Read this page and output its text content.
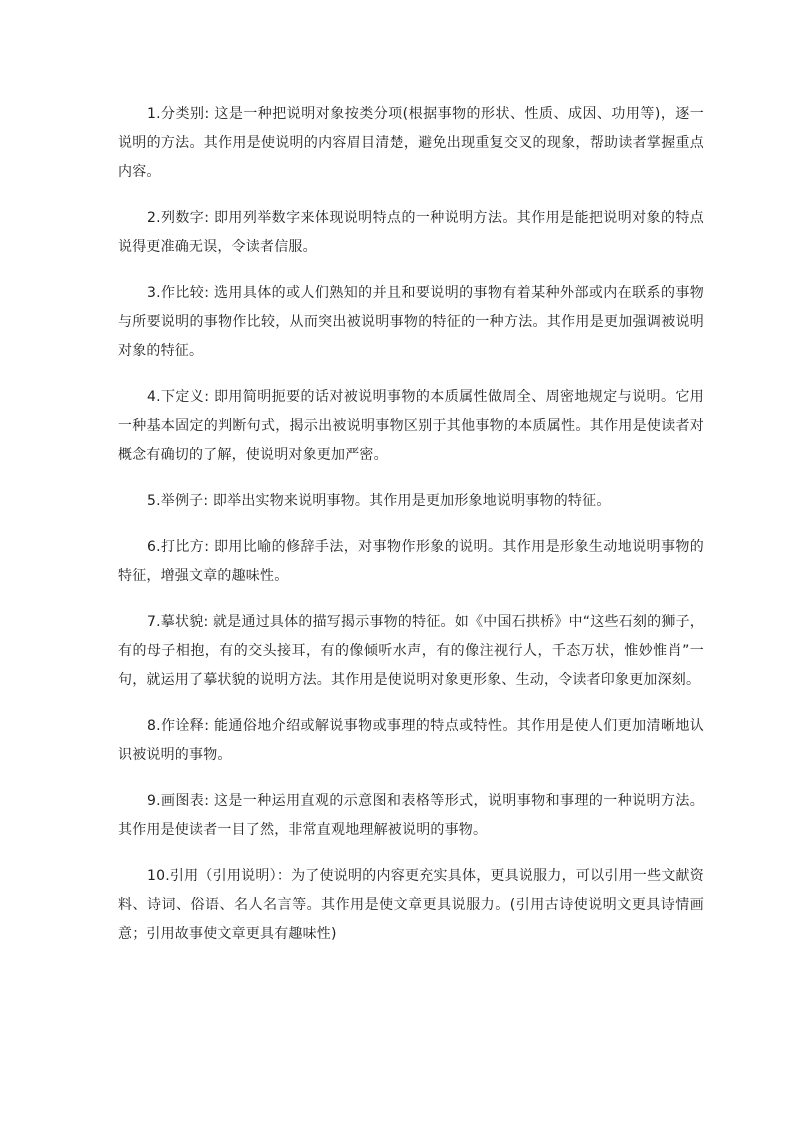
1.分类别: 这是一种把说明对象按类分项(根据事物的形状、性质、成因、功用等)，逐一说明的方法。其作用是使说明的内容眉目清楚，避免出现重复交叉的现象，帮助读者掌握重点内容。

2.列数字: 即用列举数字来体现说明特点的一种说明方法。其作用是能把说明对象的特点说得更准确无误，令读者信服。

3.作比较: 选用具体的或人们熟知的并且和要说明的事物有着某种外部或内在联系的事物与所要说明的事物作比较，从而突出被说明事物的特征的一种方法。其作用是更加强调被说明对象的特征。

4.下定义: 即用简明扼要的话对被说明事物的本质属性做周全、周密地规定与说明。它用一种基本固定的判断句式，揭示出被说明事物区别于其他事物的本质属性。其作用是使读者对概念有确切的了解，使说明对象更加严密。

5.举例子: 即举出实物来说明事物。其作用是更加形象地说明事物的特征。

6.打比方: 即用比喻的修辞手法，对事物作形象的说明。其作用是形象生动地说明事物的特征，增强文章的趣味性。

7.摹状貌: 就是通过具体的描写揭示事物的特征。如《中国石拱桥》中“这些石刻的狮子，有的母子相抱，有的交头接耳，有的像倾听水声，有的像注视行人，千态万状，惟妙惟肖”一句，就运用了摹状貌的说明方法。其作用是使说明对象更形象、生动，令读者印象更加深刻。

8.作诠释: 能通俗地介绍或解说事物或事理的特点或特性。其作用是使人们更加清晰地认识被说明的事物。

9.画图表: 这是一种运用直观的示意图和表格等形式，说明事物和事理的一种说明方法。其作用是使读者一目了然，非常直观地理解被说明的事物。

10.引用（引用说明）：为了使说明的内容更充实具体，更具说服力，可以引用一些文献资料、诗词、俗语、名人名言等。其作用是使文章更具说服力。(引用古诗使说明文更具诗情画意；引用故事使文章更具有趣味性)
